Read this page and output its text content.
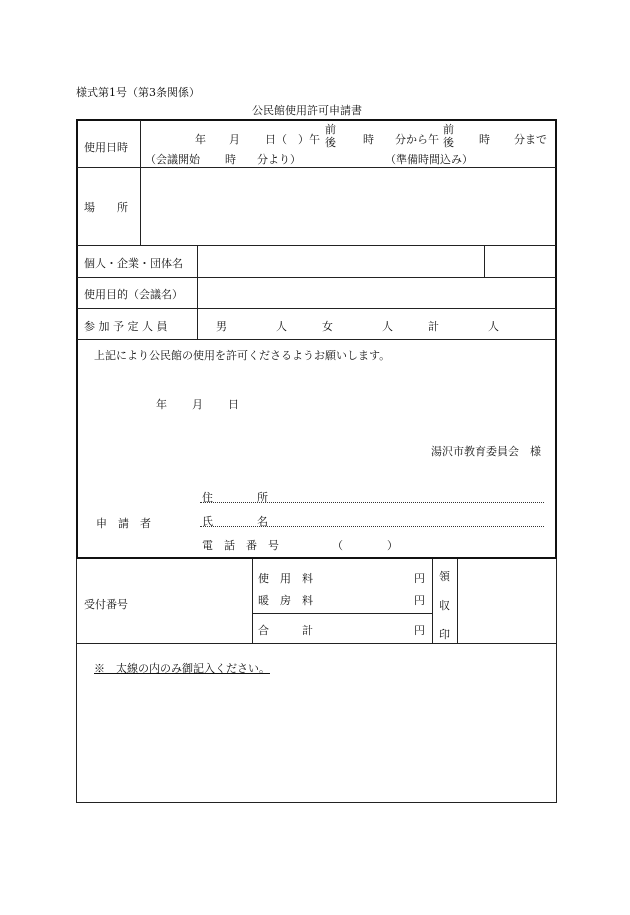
様式第1号（第3条関係）
公民館使用許可申請書
使用日時
年 月 日（　）午
前
後 時 分から午
前
後 時 分まで
（会議開始 時 分より）	（準備時間込み）
場　　所
個人・企業・団体名
使用目的（会議名）
参 加 予 定 人 員	男	人	女	人	計	人
上記により公民館の使用を許可くださるようお願いします。
年 月 日
湯沢市教育委員会　様
申　請　者
住　　　　所
氏　　　　名
電　話　番　号	（　　　　）
受付番号
使　用　料	円
暖　房　料	円
合　　　計	円
領
収
印
※　太線の内のみ御記入ください。
